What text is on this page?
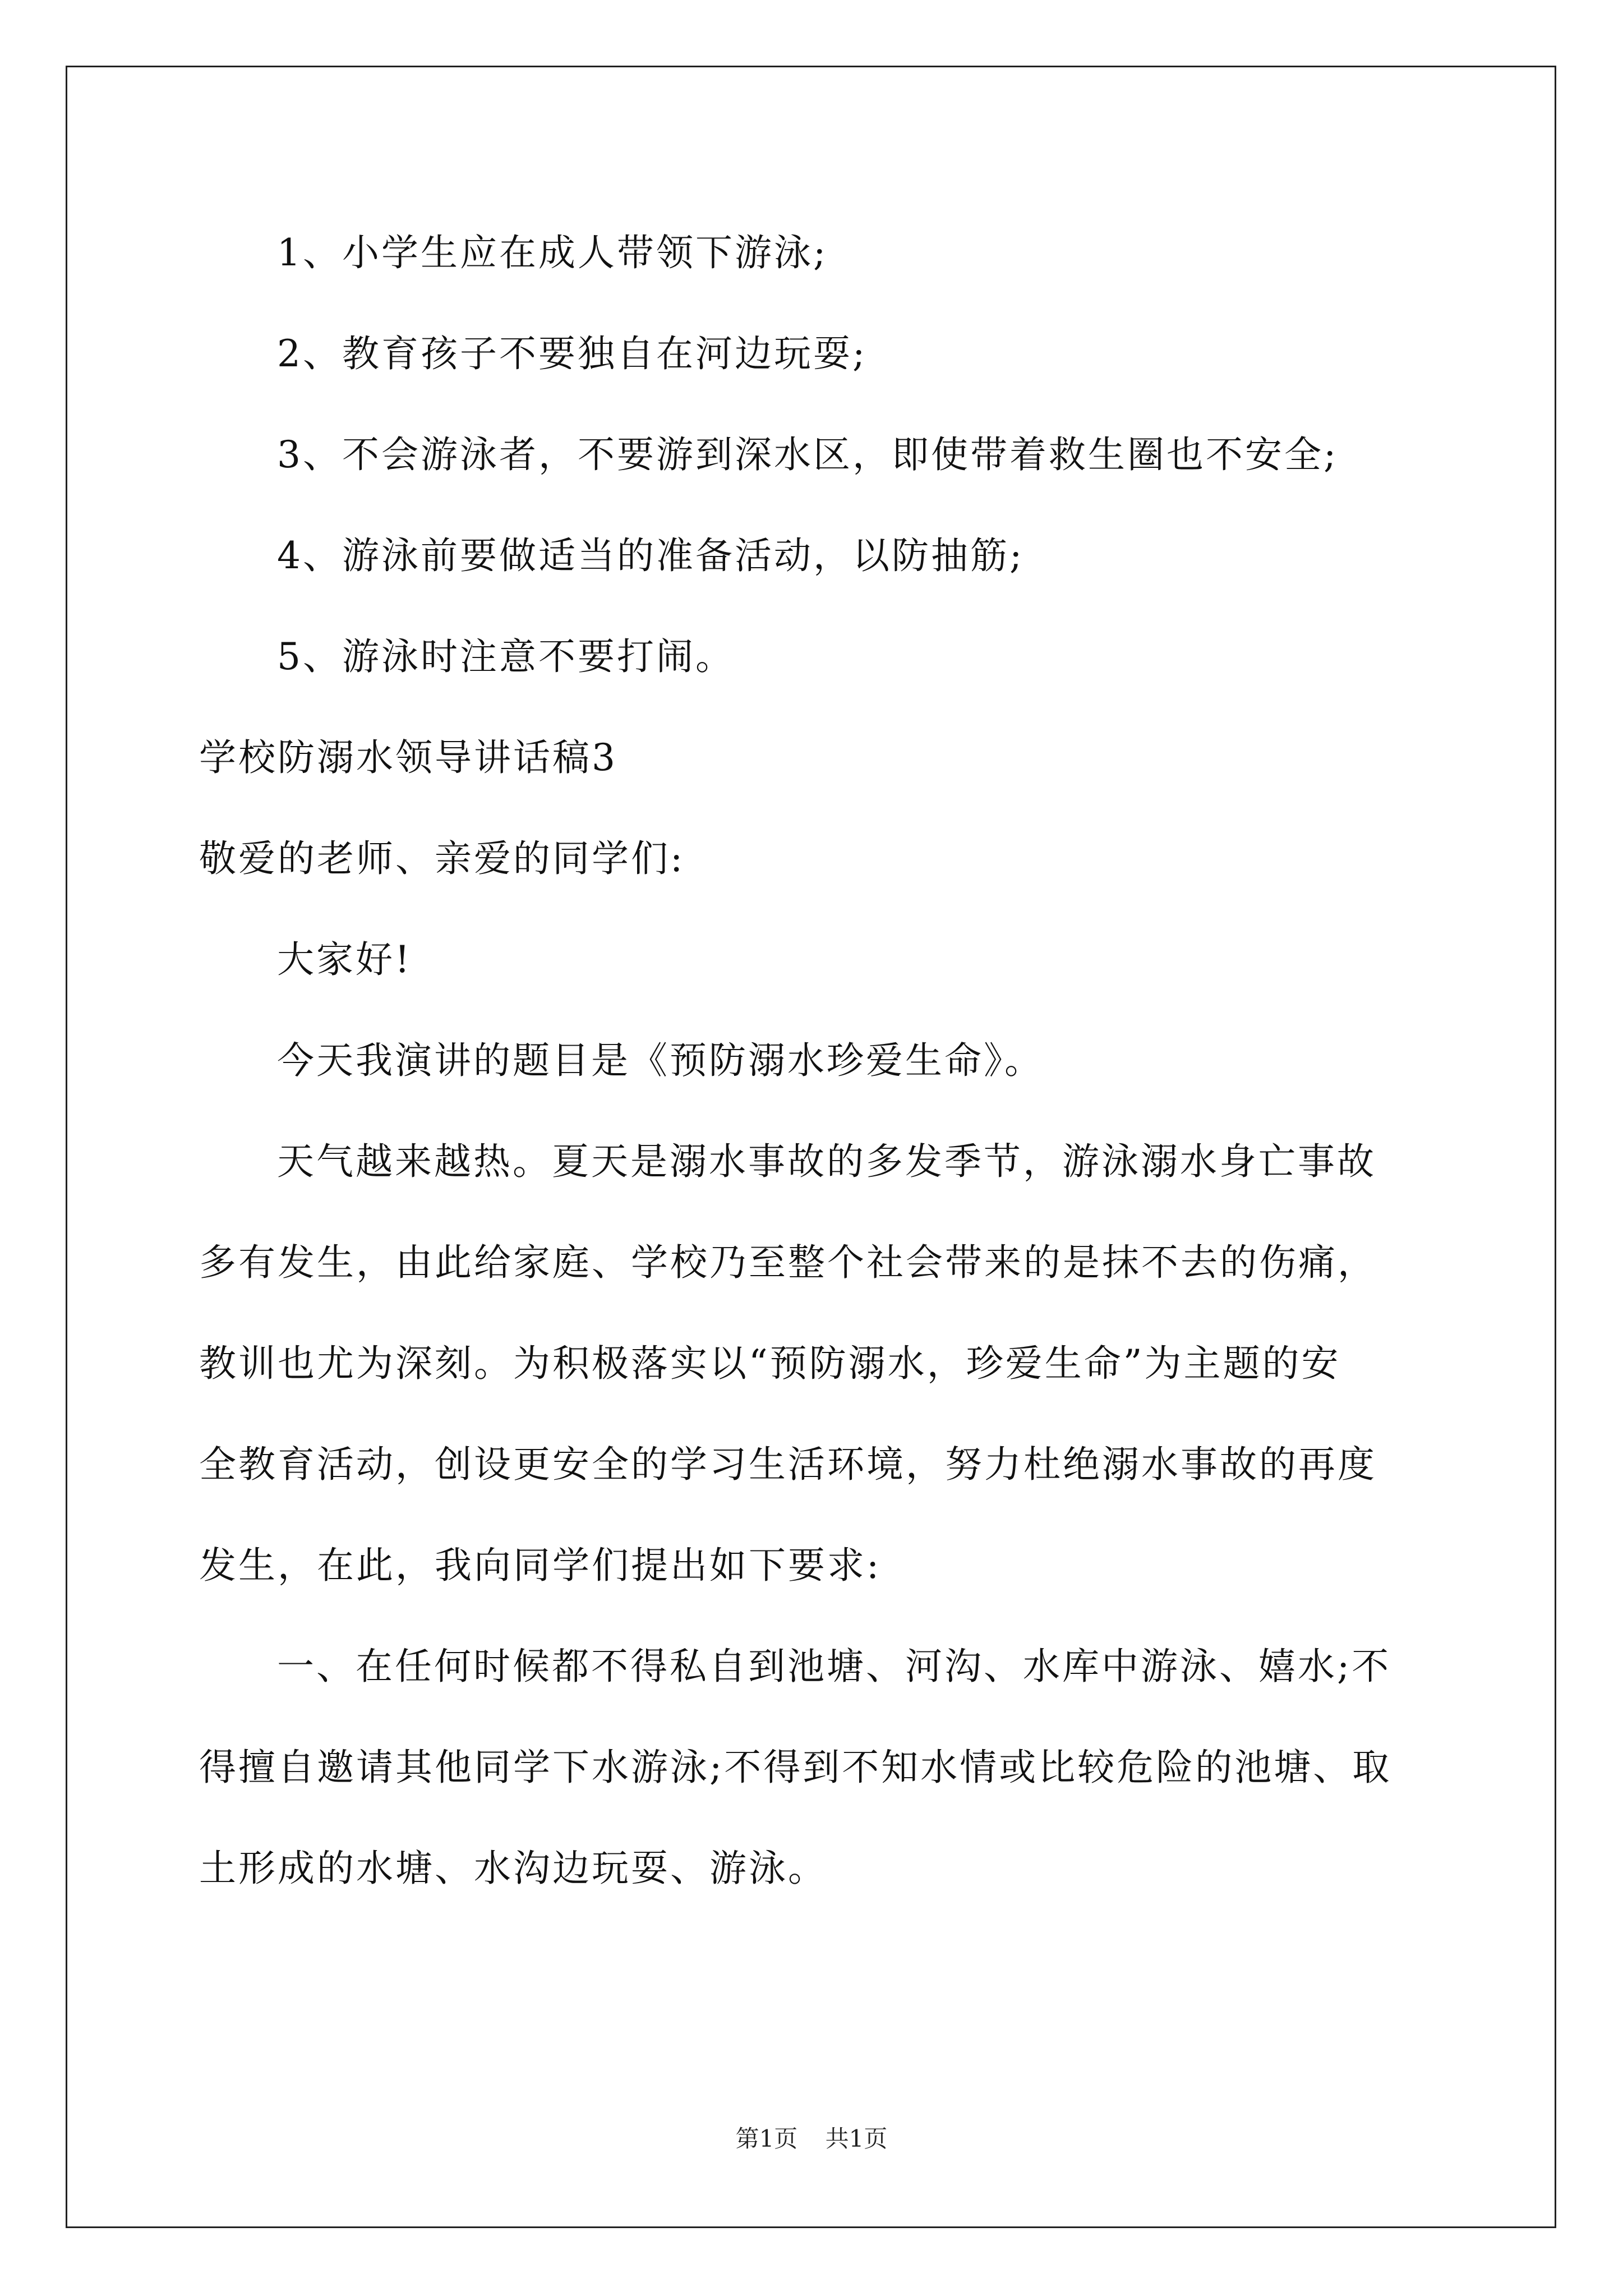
1、小学生应在成人带领下游泳;
2、教育孩子不要独自在河边玩耍;
3、不会游泳者，不要游到深水区，即使带着救生圈也不安全;
4、游泳前要做适当的准备活动，以防抽筋;
5、游泳时注意不要打闹。
学校防溺水领导讲话稿3
敬爱的老师、亲爱的同学们:
大家好!
今天我演讲的题目是《预防溺水珍爱生命》。
天气越来越热。夏天是溺水事故的多发季节，游泳溺水身亡事故
多有发生，由此给家庭、学校乃至整个社会带来的是抹不去的伤痛，
教训也尤为深刻。为积极落实以“预防溺水，珍爱生命”为主题的安
全教育活动，创设更安全的学习生活环境，努力杜绝溺水事故的再度
发生，在此，我向同学们提出如下要求:
一、在任何时候都不得私自到池塘、河沟、水库中游泳、嬉水;不
得擅自邀请其他同学下水游泳;不得到不知水情或比较危险的池塘、取
土形成的水塘、水沟边玩耍、游泳。
第1页 共1页
